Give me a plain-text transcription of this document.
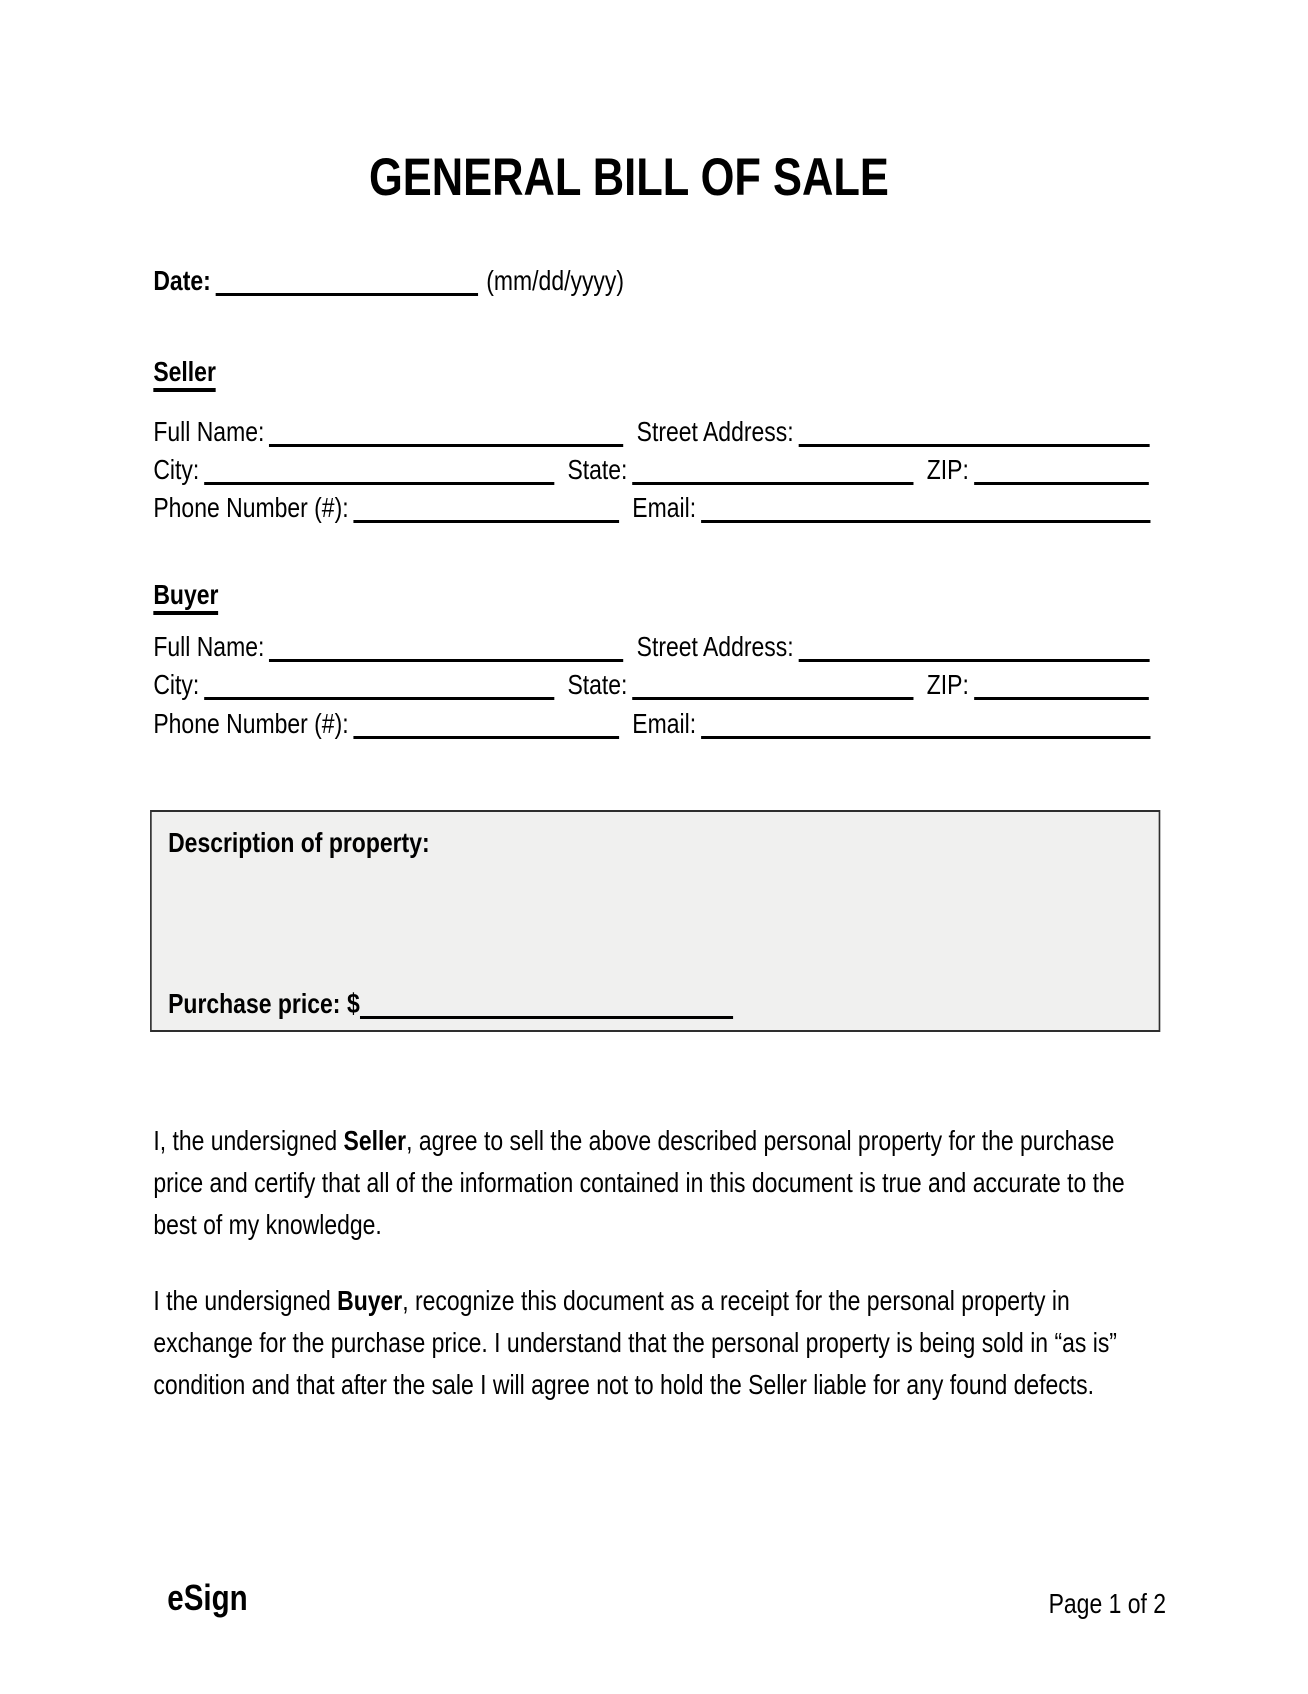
GENERAL BILL OF SALE
Date:	(mm/dd/yyyy)
Seller
Full Name:	Street Address:
City:	State:	ZIP:
Phone Number (#):	Email:
Buyer
Full Name:	Street Address:
City:	State:	ZIP:
Phone Number (#):	Email:
Description of property:
Purchase price: $
I, the undersigned Seller, agree to sell the above described personal property for the purchase price and certify that all of the information contained in this document is true and accurate to the best of my knowledge.
I the undersigned Buyer, recognize this document as a receipt for the personal property in exchange for the purchase price. I understand that the personal property is being sold in “as is” condition and that after the sale I will agree not to hold the Seller liable for any found defects.
eSign	Page 1 of 2
